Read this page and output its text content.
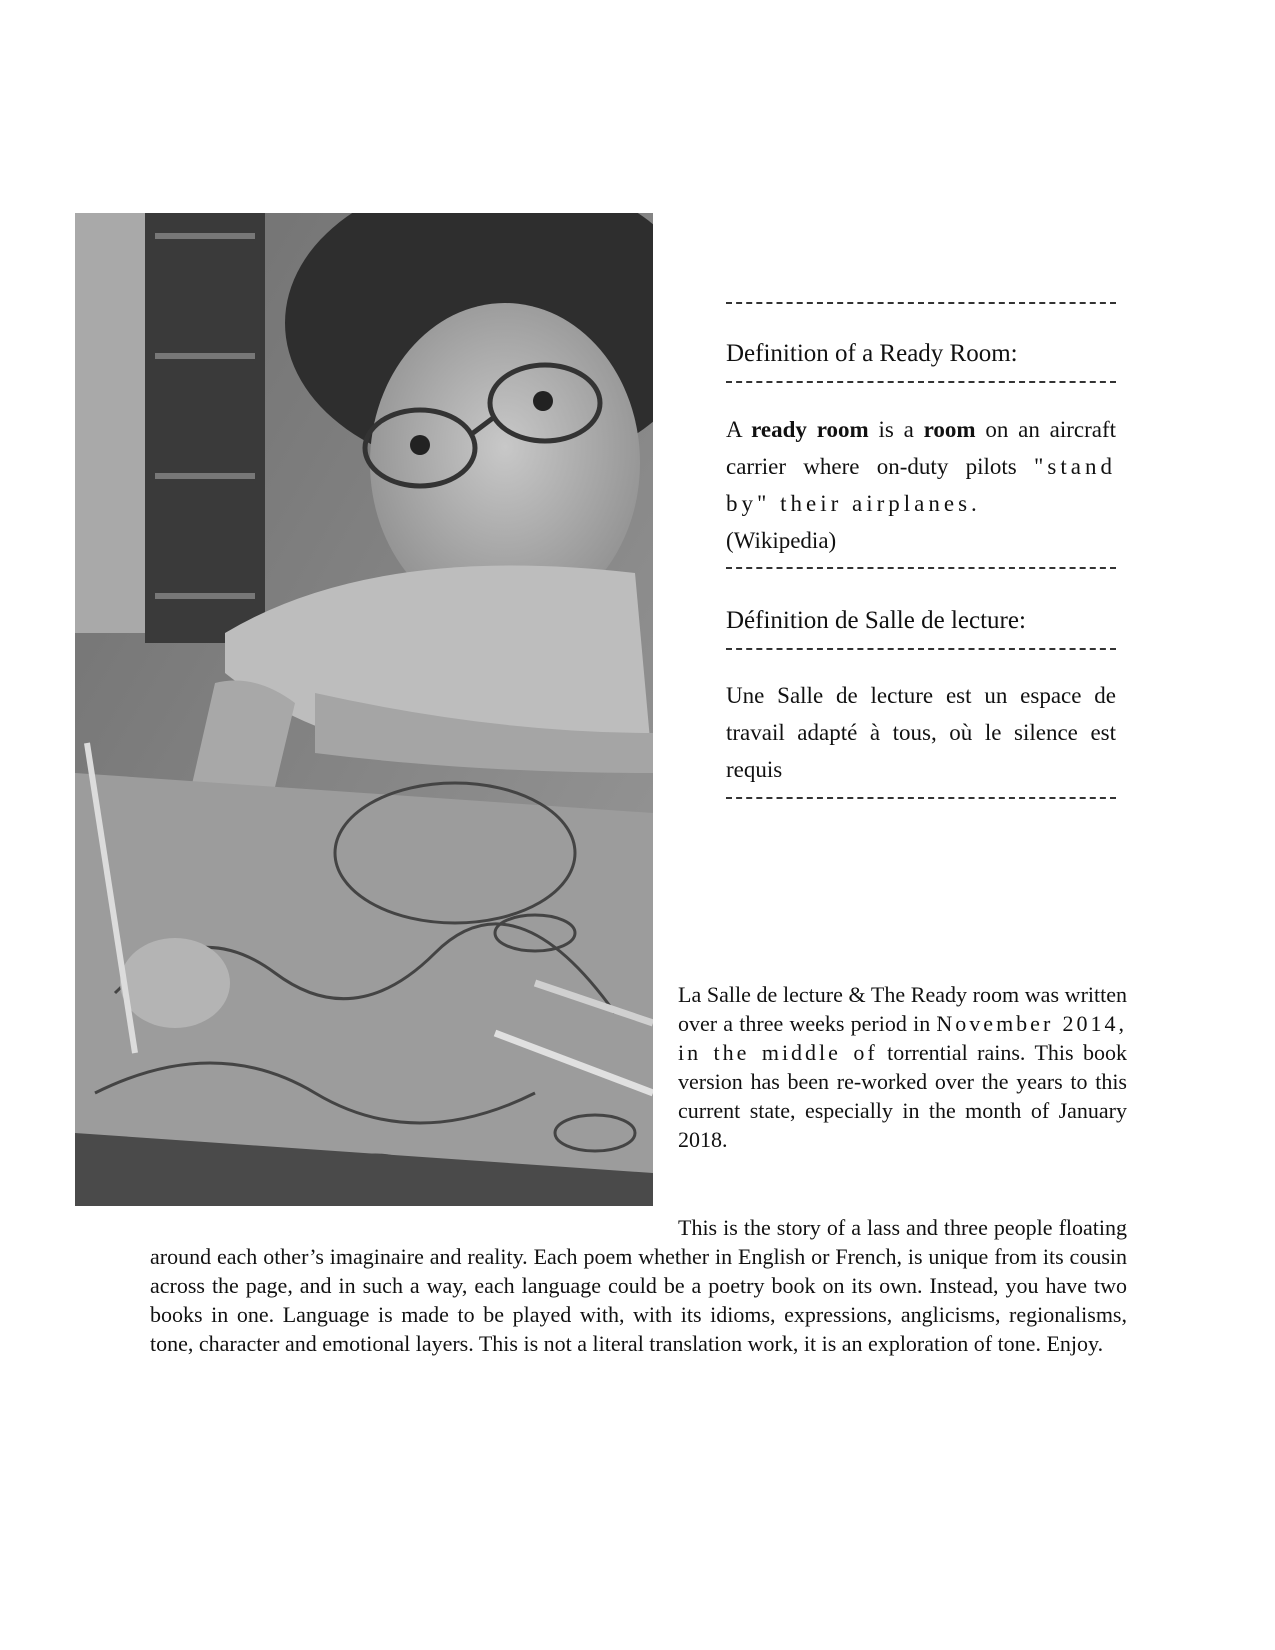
Definition of a Ready Room:
A ready room is a room on an aircraft carrier where on-duty pilots "stand by" their airplanes.
(Wikipedia)
Définition de Salle de lecture:
Une Salle de lecture est un espace de travail adapté à tous, où le silence est requis
La Salle de lecture & The Ready room was written over a three weeks period in November 2014, in the middle of torrential rains. This book version has been re-worked over the years to this current state, especially in the month of January 2018.
This is the story of a lass and three people floating around each other’s imaginaire and reality. Each poem whether in English or French, is unique from its cousin across the page, and in such a way, each language could be a poetry book on its own. Instead, you have two books in one. Language is made to be played with, with its idioms, expressions, anglicisms, regionalisms, tone, character and emotional layers. This is not a literal translation work, it is an exploration of tone. Enjoy.
